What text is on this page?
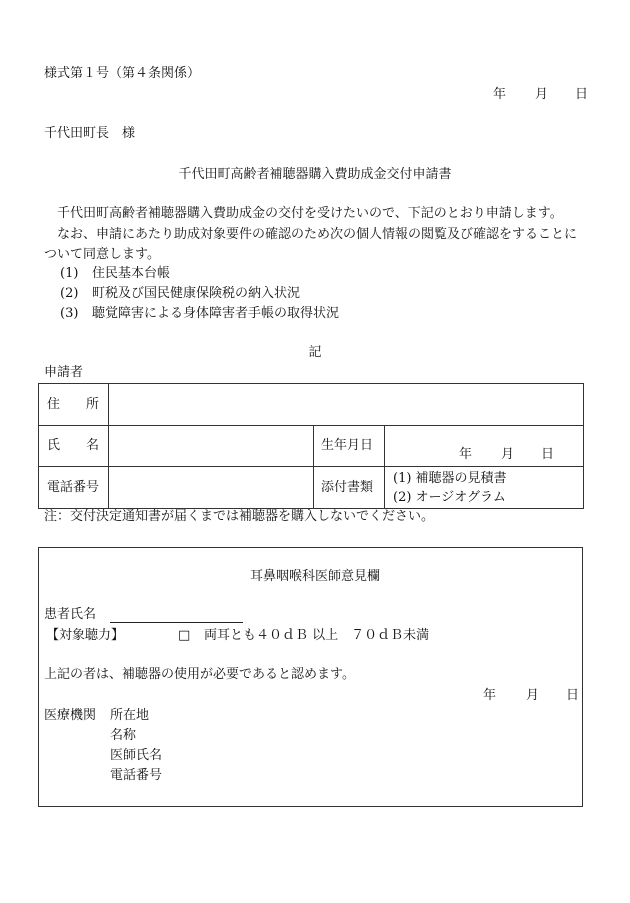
様式第１号（第４条関係）
年 月 日
千代田町長　様
千代田町高齢者補聴器購入費助成金交付申請書
千代田町高齢者補聴器購入費助成金の交付を受けたいので、下記のとおり申請します。
なお、申請にあたり助成対象要件の確認のため次の個人情報の閲覧及び確認をすることに
ついて同意します。
(1) 住民基本台帳
(2) 町税及び国民健康保険税の納入状況
(3) 聴覚障害による身体障害者手帳の取得状況
記
申請者
住　　所			
氏　　名		生年月日	年 月 日

電話番号		添付書類	(1) 補聴器の見積書
(2) オージオグラム
注：交付決定通知書が届くまでは補聴器を購入しないでください。
耳鼻咽喉科医師意見欄
患者氏名
【対象聴力】	□ 両耳とも４０ｄＢ 以上　７０ｄＢ未満
上記の者は、補聴器の使用が必要であると認めます。
年 月 日
医療機関 所在地
名称
医師氏名
電話番号
